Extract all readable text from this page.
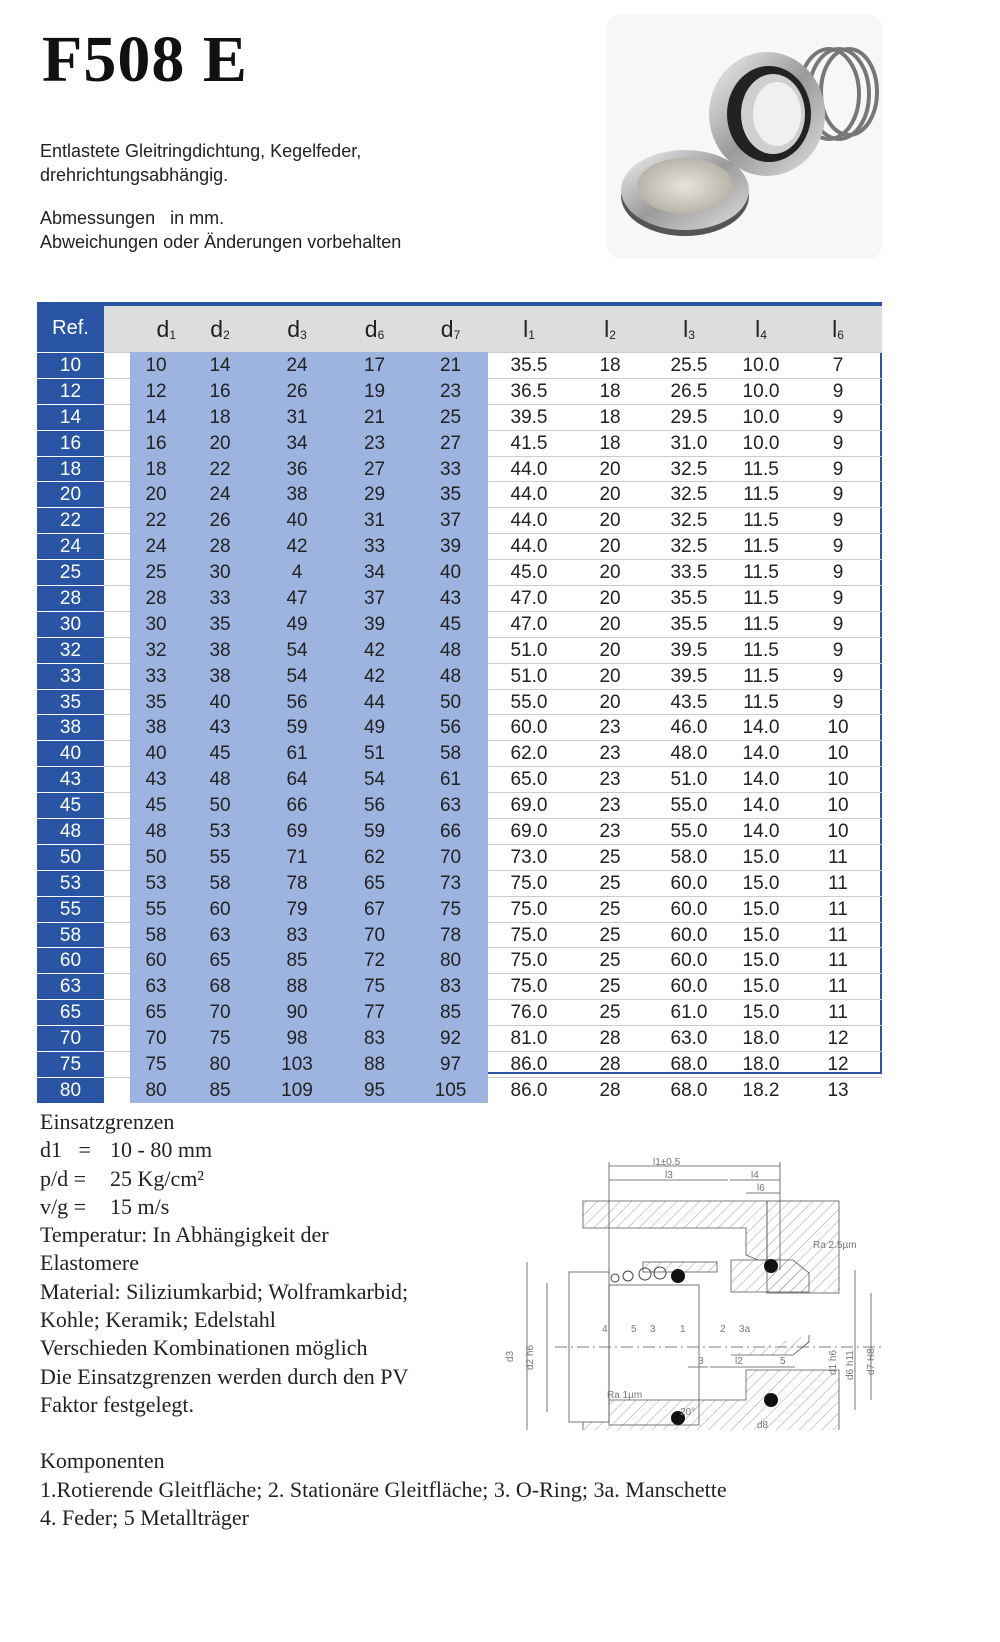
F508 E
Entlastete Gleitringdichtung, Kegelfeder,
drehrichtungsabhängig.
Abmessungen   in mm.
Abweichungen oder Änderungen vorbehalten
Ref.	$d_1$		$d_2$	$d_3$	$d_6$	$d_7$	$l_1$	$l_2$	$l_3$	$l_4$	$l_6$
10		10	14	24	17	21	35.5	18	25.5	10.0	7
12		12	16	26	19	23	36.5	18	26.5	10.0	9
14		14	18	31	21	25	39.5	18	29.5	10.0	9
16		16	20	34	23	27	41.5	18	31.0	10.0	9
18		18	22	36	27	33	44.0	20	32.5	11.5	9
20		20	24	38	29	35	44.0	20	32.5	11.5	9
22		22	26	40	31	37	44.0	20	32.5	11.5	9
24		24	28	42	33	39	44.0	20	32.5	11.5	9
25		25	30	4	34	40	45.0	20	33.5	11.5	9
28		28	33	47	37	43	47.0	20	35.5	11.5	9
30		30	35	49	39	45	47.0	20	35.5	11.5	9
32		32	38	54	42	48	51.0	20	39.5	11.5	9
33		33	38	54	42	48	51.0	20	39.5	11.5	9
35		35	40	56	44	50	55.0	20	43.5	11.5	9
38		38	43	59	49	56	60.0	23	46.0	14.0	10
40		40	45	61	51	58	62.0	23	48.0	14.0	10
43		43	48	64	54	61	65.0	23	51.0	14.0	10
45		45	50	66	56	63	69.0	23	55.0	14.0	10
48		48	53	69	59	66	69.0	23	55.0	14.0	10
50		50	55	71	62	70	73.0	25	58.0	15.0	11
53		53	58	78	65	73	75.0	25	60.0	15.0	11
55		55	60	79	67	75	75.0	25	60.0	15.0	11
58		58	63	83	70	78	75.0	25	60.0	15.0	11
60		60	65	85	72	80	75.0	25	60.0	15.0	11
63		63	68	88	75	83	75.0	25	60.0	15.0	11
65		65	70	90	77	85	76.0	25	61.0	15.0	11
70		70	75	98	83	92	81.0	28	63.0	18.0	12
75		75	80	103	88	97	86.0	28	68.0	18.0	12
80		80	85	109	95	105	86.0	28	68.0	18.2	13
l1±0.5
l3	l4
l6
Ra 2.5µm
Ra 1µm
4 5 3 1	2 3a
3	l2	5
20°
d8
d3 d2 h6	d1 h6 d6 h11 d7 H8
Einsatzgrenzen
d1   = 10 - 80 mm
p/d = 25 Kg/cm²
v/g = 15 m/s
Temperatur: In Abhängigkeit der
Elastomere
Material: Siliziumkarbid; Wolframkarbid;
Kohle; Keramik; Edelstahl
Verschieden Kombinationen möglich
Die Einsatzgrenzen werden durch den PV
Faktor festgelegt.
Komponenten
1.Rotierende Gleitfläche; 2. Stationäre Gleitfläche; 3. O-Ring; 3a. Manschette
4. Feder; 5 Metallträger
